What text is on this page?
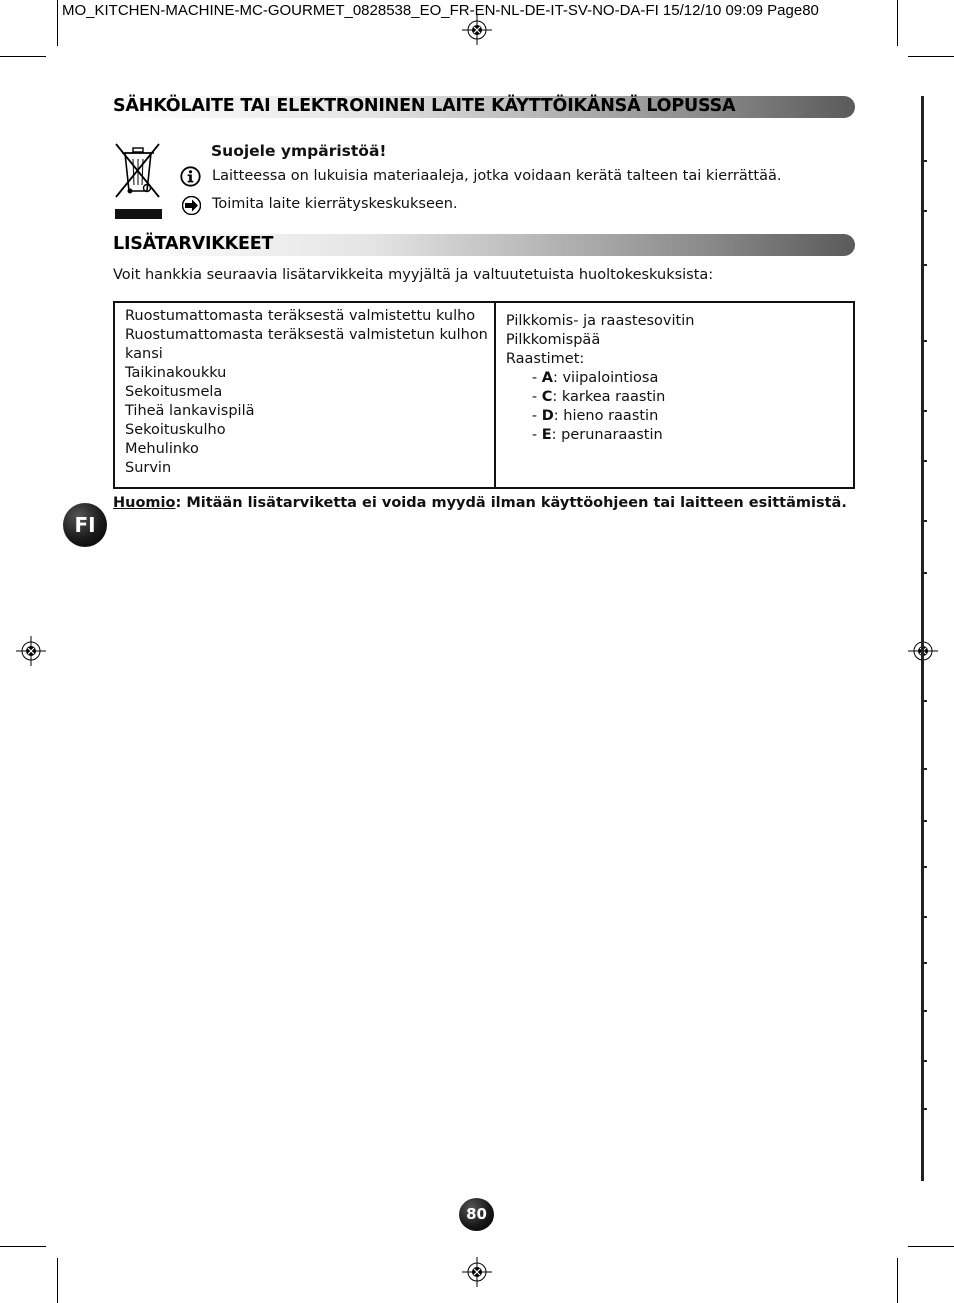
MO_KITCHEN-MACHINE-MC-GOURMET_0828538_EO_FR-EN-NL-DE-IT-SV-NO-DA-FI 15/12/10 09:09 Page80
SÄHKÖLAITE TAI ELEKTRONINEN LAITE KÄYTTÖIKÄNSÄ LOPUSSA
Suojele ympäristöä!
Laitteessa on lukuisia materiaaleja, jotka voidaan kerätä talteen tai kierrättää.
Toimita laite kierrätyskeskukseen.
LISÄTARVIKKEET
Voit hankkia seuraavia lisätarvikkeita myyjältä ja valtuutetuista huoltokeskuksista:
Ruostumattomasta teräksestä valmistettu kulho
Ruostumattomasta teräksestä valmistetun kulhon
kansi
Taikinakoukku
Sekoitusmela
Tiheä lankavispilä
Sekoituskulho
Mehulinko
Survin

Pilkkomis- ja raastesovitin
Pilkkomispää
Raastimet:
- A: viipalointiosa
- C: karkea raastin
- D: hieno raastin
- E: perunaraastin
Huomio: Mitään lisätarviketta ei voida myydä ilman käyttöohjeen tai laitteen esittämistä.
FI
80
